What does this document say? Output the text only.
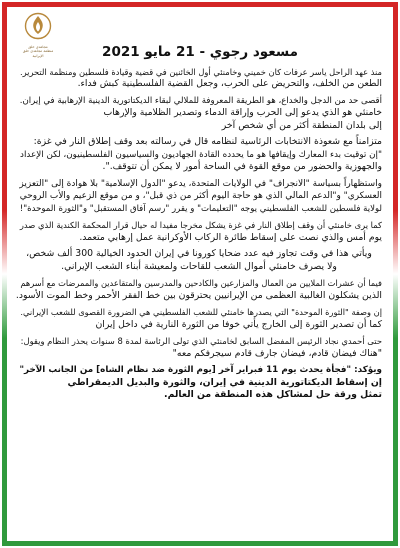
مجاهدي خلق
منظمة مجاهدي خلق الإيرانية	مسعود رجوي - 21 مايو 2021

منذ عهد الراحل ياسر عرفات كان خميني وخامنئي أول الخائنين في قضية وقيادة فلسطين ومنظمة التحرير.
الطعن من الخلف، والتحريض على الحرب، وجعل القضية الفلسطينية كبش فداء.

أقصى حد من الدجل والخداع، هو الطريقة المعروفة للملالي لبقاء الديكتاتورية الدينية الإرهابية في إيران.
خامنئي هو الذي يدعو إلى الحرب وإراقة الدماء وتصدير الظلامية والإرهاب
إلى بلدان المنطقة أكثر من أي شخص آخر

متزامناً مع شعوذة الانتخابات الرئاسية لنظامه قال في رسالته بعد وقف إطلاق النار في غزة:
"إن توقيت بدء المعارك وإيقافها هو ما يحدده القادة الجهاديون والسياسيون الفلسطينيون، لكن الإعداد
والجهوزية والحضور من موقع القوة في الساحة أمور لا يمكن أن تتوقف.".

واستظهاراً بسياسة "الانجراف" في الولايات المتحدة، يدعو "الدول الإسلامية" بلا هوادة إلى "التعزيز
العسكري" و"الدعم المالي الذي هو حاجة اليوم أكثر من ذي قبل"، و من موقع الزعيم والأب الروحي
لولاية فلسطين للشعب الفلسطيني يوجه "التعليمات" و يقرر "رسم آفاق المستقبل" و"الثورة الموحدة"!

كما يرى خامنئي أن وقف إطلاق النار في غزة يشكل مخرجا مفيدا له حيال قرار المحكمة الكندية الذي صدر
يوم أمس والذي نصت على إسقاط طائرة الركاب الأوكرانية عمل إرهابي متعمد.

ويأتي هذا في وقت تجاوز فيه عدد ضحايا كورونا في إيران الحدود الخيالية 300 ألف شخص،
ولا يصرف خامنئي أموال الشعب للقاحات ولمعيشة أبناء الشعب الإيراني.

فيما أن عشرات الملايين من العمال والمزارعين والكادحين والمدرسين والمتقاعدين والممرضات مع أسرهم
الذين يشكلون الغالبية العظمى من الإيرانيين يحترقون بين خط الفقر الأحمر وخط الموت الأسود.

إن وصفة "الثورة الموحدة" التي يصدرها خامنئي للشعب الفلسطيني هي الضرورة القصوى للشعب الإيراني.
كما أن تصدير الثورة إلى الخارج يأتي خوفا من الثورة النارية في داخل إيران

حتى أحمدي نجاد الرئيس المفضل السابق لخامنئي الذي تولى الرئاسة لمدة 8 سنوات يحذر النظام ويقول:
"هناك فيضان قادم، فيضان جارف قادم سيجرفكم معه"

ويؤكد: "فجأة يحدث يوم 11 فبراير آخر [يوم الثورة ضد نظام الشاه] من الجانب الآخر"
إن إسقاط الديكتاتورية الدينية في إيران، والثورة والبديل الديمقراطي
تمثل ورقة حل لمشاكل هذه المنطقة من العالم.
